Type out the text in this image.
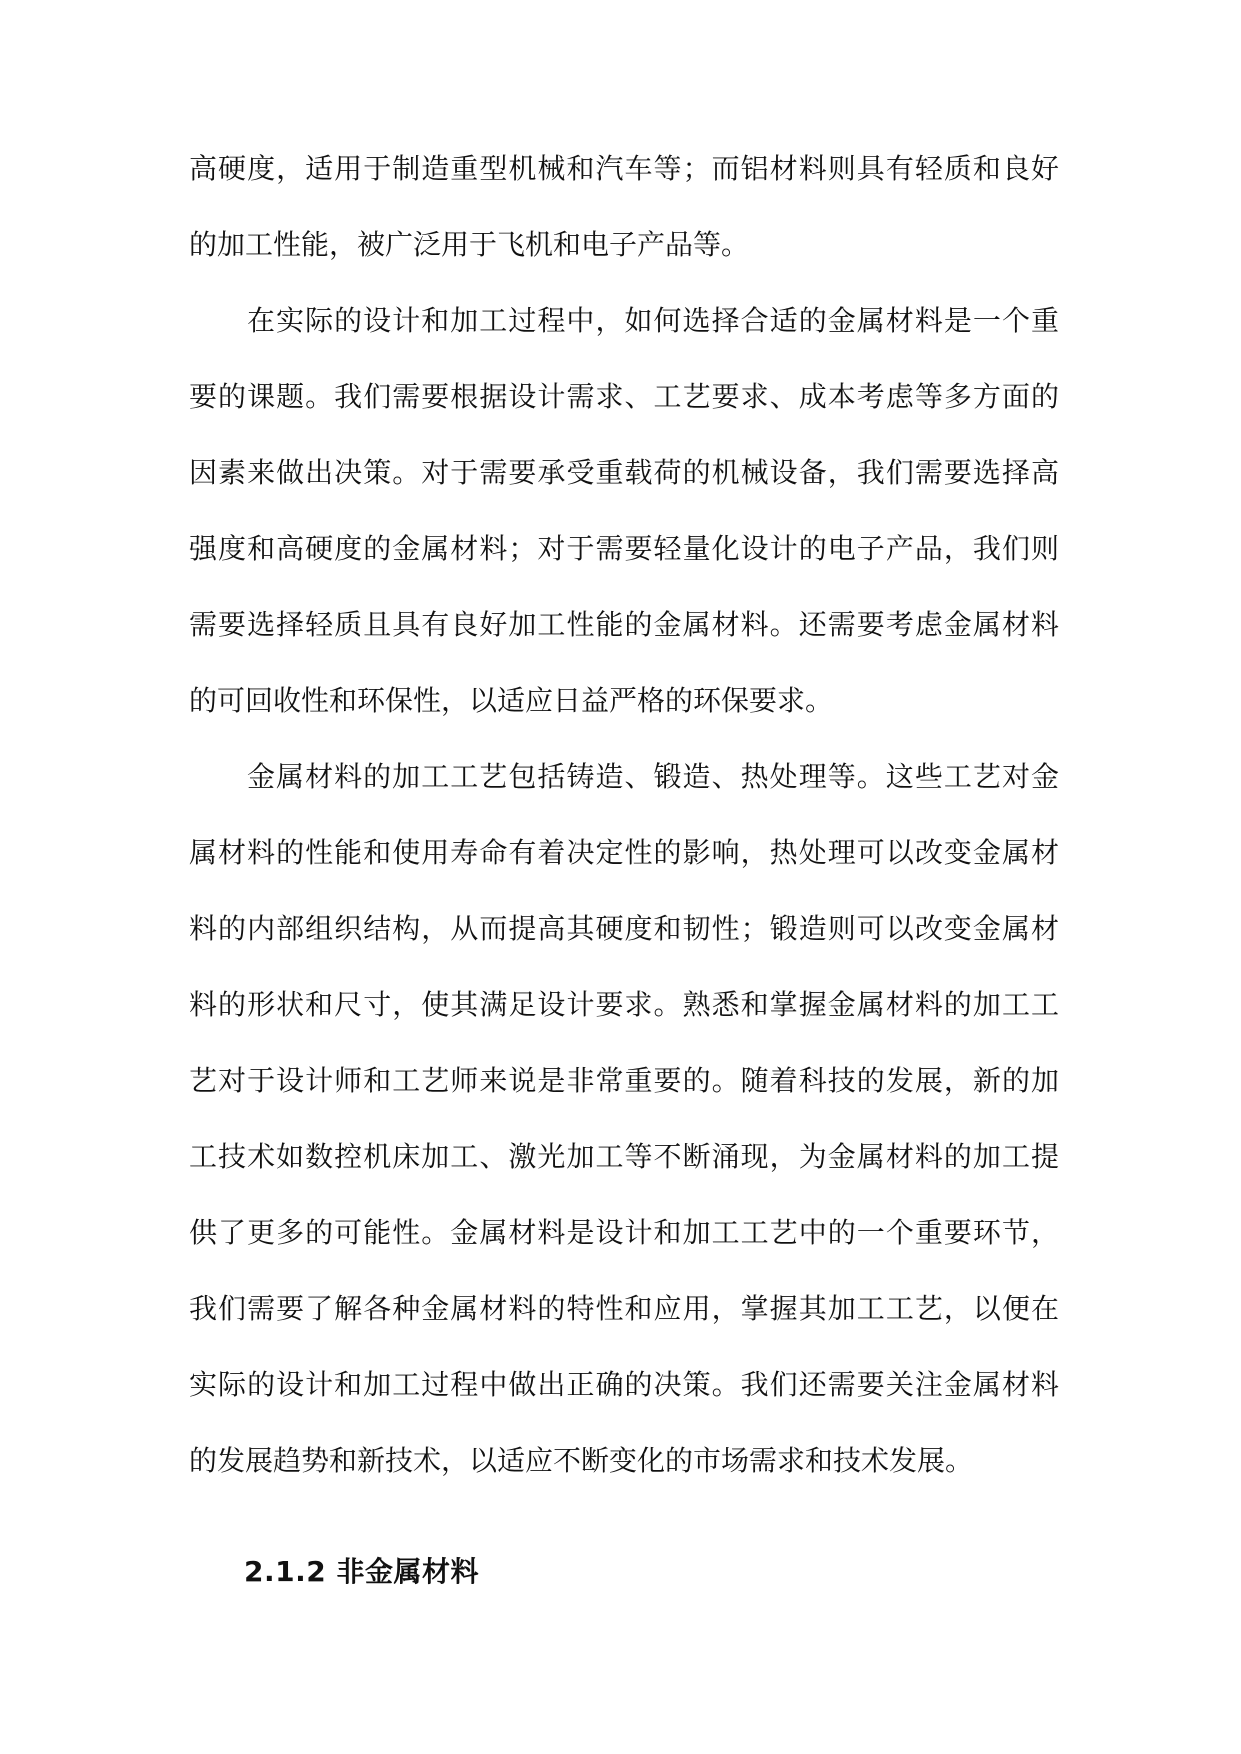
高硬度，适用于制造重型机械和汽车等；而铝材料则具有轻质和良好
的加工性能，被广泛用于飞机和电子产品等。
在实际的设计和加工过程中，如何选择合适的金属材料是一个重
要的课题。我们需要根据设计需求、工艺要求、成本考虑等多方面的
因素来做出决策。对于需要承受重载荷的机械设备，我们需要选择高
强度和高硬度的金属材料；对于需要轻量化设计的电子产品，我们则
需要选择轻质且具有良好加工性能的金属材料。还需要考虑金属材料
的可回收性和环保性，以适应日益严格的环保要求。
金属材料的加工工艺包括铸造、锻造、热处理等。这些工艺对金
属材料的性能和使用寿命有着决定性的影响，热处理可以改变金属材
料的内部组织结构，从而提高其硬度和韧性；锻造则可以改变金属材
料的形状和尺寸，使其满足设计要求。熟悉和掌握金属材料的加工工
艺对于设计师和工艺师来说是非常重要的。随着科技的发展，新的加
工技术如数控机床加工、激光加工等不断涌现，为金属材料的加工提
供了更多的可能性。金属材料是设计和加工工艺中的一个重要环节，
我们需要了解各种金属材料的特性和应用，掌握其加工工艺，以便在
实际的设计和加工过程中做出正确的决策。我们还需要关注金属材料
的发展趋势和新技术，以适应不断变化的市场需求和技术发展。
2.1.2 非金属材料
